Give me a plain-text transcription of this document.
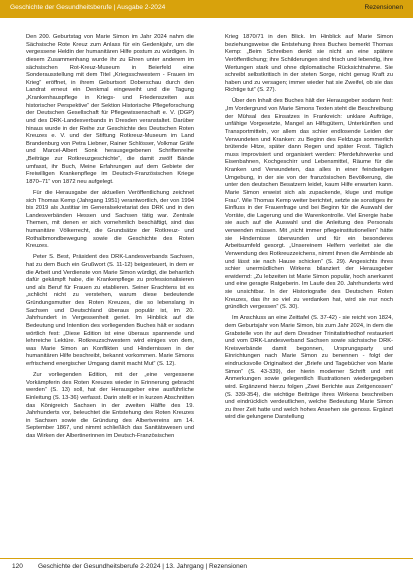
Geschichte der Gesundheitsberufe | Ausgabe 2-2024	Rezensionen

Den 200. Geburtstag von Marie Simon im Jahr 2024 nahm die Sächsische Rote Kreuz zum Anlass für ein Gedenkjahr, um die vergessene Heldin der humanitären Hilfe postum zu würdigen. In diesem Zusammenhang wurde ihr zu Ehren unter anderem im sächsischen Rot-Kreuz-Museum in Beierfeld eine Sonderausstellung mit dem Titel „Kriegsschwestern - Frauen im Krieg“ eröffnet, in ihrem Geburtsort Doberschau durch den Landrat erneut ein Denkmal eingeweiht und die Tagung „Krankenhauspflege in Kriegs- und Friedenszeiten aus historischer Perspektive“ der Sektion Historische Pflegeforschung der Deutschen Gesellschaft für Pflegewissenschaft e. V. (DGP) und des DRK-Landesverbands in Dresden veranstaltet. Darüber hinaus wurde in der Reihe zur Geschichte des Deutschen Roten Kreuzes e. V. und der Stiftung Rotkreuz-Museum im Land Brandenburg von Petra Liebner, Rainer Schlösser, Volkmar Gräfe und Marcel-Albert Sonk herausgegebenen Schriftenreihe „Beiträge zur Rotkreuzgeschichte“, die damit zwölf Bände umfasst, ihr Buch, Meine Erfahrungen auf dem Gebiete der Freiwilligen Krankenpflege im Deutsch-Französischen Kriege 1870–71“ von 1872 neu aufgelegt.

Für die Herausgabe der aktuellen Veröffentlichung zeichnet sich Thomas Kemp (Jahrgang 1951) verantwortlich, der von 1994 bis 2019 als Justitiar im Generalsekretariat des DRK und in den Landesverbänden Hessen und Sachsen tätig war. Zentrale Themen, mit denen er sich vornehmlich beschäftigt, sind das humanitäre Völkerrecht, die Grundsätze der Rotkreuz- und Rothalbmondbewegung sowie die Geschichte des Roten Kreuzes.

Peter S. Best, Präsident des DRK-Landesverbands Sachsen, hat zu dem Buch ein Grußwort (S. 11-12) beigesteuert, in dem er die Arbeit und Verdienste von Marie Simon würdigt, die beharrlich dafür gekämpft habe, die Krankenpflege zu professionalisieren und als Beruf für Frauen zu etablieren. Seiner Erachtens ist es „schlicht nicht zu verstehen, warum diese bedeutende Gründungsmutter des Roten Kreuzes, die so lebenslang in Sachsen und Deutschland überaus populär ist, im 20. Jahrhundert in Vergessenheit geriet. Im Hinblick auf die Bedeutung und Intention des vorliegenden Buches hält er sodann wörtlich fest: „Diese Edition ist eine überaus spannende und lehrreiche Lektüre. Rotkreuzschwestern wird einiges von dem, was Marie Simon an Konflikten und Hindernissen in der humanitären Hilfe beschreibt, bekannt vorkommen. Marie Simons erfrischend energischer Umgang damit macht Mut“ (S. 12).

Zur vorliegenden Edition, mit der „eine vergessene Vorkämpferin des Roten Kreuzes wieder in Erinnerung gebracht werden“ (S. 13) soll, hat der Herausgeber eine ausführliche Einleitung (S. 13-36) verfasst. Darin stellt er in kurzen Abschnitten das Königreich Sachsen in der zweiten Hälfte des 19. Jahrhunderts vor, beleuchtet die Entstehung des Roten Kreuzes in Sachsen sowie die Gründung des Albertvereins am 14. September 1867, und nimmt schließlich das Sanitätswesen und das Wirken der Albertinerinnen im Deutsch-Französischen

Krieg 1870/71 in den Blick. Im Hinblick auf Marie Simon beziehungsweise die Entstehung ihres Buches bemerkt Thomas Kemp: „Beim Schreiben denkt sie nicht an eine spätere Veröffentlichung; ihre Schilderungen sind frisch und lebendig, ihre Wertungen stark und ohne diplomatische Rücksichtnahme. Sie schreibt selbstkritisch in der steten Sorge, nicht genug Kraft zu haben und zu versagen; immer wieder hat sie Zweifel, ob sie das Richtige tut“ (S. 27).

Über den Inhalt des Buches hält der Herausgeber sodann fest: „Im Vordergrund von Marie Simons Texten steht die Beschreibung der Mühsal des Einsatzes in Frankreich: unklare Aufträge, unfähige Vorgesetzte, Mangel an Hilfsgütern, Unterkünften und Transportmitteln, vor allem das schier endlosende Leiden der Verwundeten und Kranken: zu Beginn des Feldzugs sommerlich brütende Hitze, später dann Regen und später Frost. Täglich muss improvisiert und organisiert werden: Pferdefuhrwerke und Eisenbahnen, Kochgeschirr und Lebensmittel, Räume für die Kranken und Verwundeten, das alles in einer feindseligen Umgebung, in der sie von der französischen Bevölkerung, die unter den deutschen Besatzern leidet, kaum Hilfe erwarten kann. Marie Simon erweist sich als zupackende, kluge und mutige Frau“. Wie Thomas Kemp weiter berichtet, setzte sie sonstiges ihr Einfluss in der Frauenfrage und bei Beginn für die Auswahl der Vorräte, die Lagerung und die Warenkontrolle. Viel Energie habe sie auch auf die Auswahl und die Anleitung des Personals verwenden müssen. Mit „nicht immer pflegeinstitutionellen“ hätte sie Hindernisse überwunden und für ein besonderes Arbeitsumfeld gesorgt. „Unsereinem Helfern verleitet sie die Verwendung des Rotkreuzzeichens, nimmt ihnen die Armbinde ab und lässt sie nach Hause schicken“ (S. 29). Angesichts ihres schier unermüdlichen Wirkens bilanziert der Herausgeber erwidernd: „Zu lebzeiten ist Marie Simon populär, hoch anerkannt und eine geragte Ratgeberin. Im Laufe des 20. Jahrhunderts wird sie unsichtbar. In der Historiografie des Deutschen Roten Kreuzes, das ihr so viel zu verdanken hat, wird sie nur noch gründlich vergessen“ (S. 30).

Im Anschluss an eine Zeittafel (S. 37-42) - sie reicht von 1824, dem Geburtsjahr von Marie Simon, bis zum Jahr 2024, in dem die Grabstelle von ihr auf dem Dresdner Trinitatisfriedhof restauriert und vom DRK-Landesverband Sachsen sowie sächsische DRK-Kreisverbände damit begonnen, Ursprungsparty und Einrichtungen nach Marie Simon zu benennen - folgt der eindrucksvolle Originaltext der „Briefe und Tagebücher von Marie Simon“ (S. 43-339), der hierin moderner Schrift und mit Anmerkungen sowie gelegentlich Illustrationen wiedergegeben wird. Ergänzend hierzu folgen „Zwei Berichte aus Zeitgenossen“ (S. 339-354), die wichtige Beiträge ihres Wirkens beschreiben und eindrücklich verdeutlichen, welche Bedeutung Marie Simon zu ihrer Zeit hatte und welch hohes Ansehen sie genoss. Ergänzt wird die gelungene Darstellung

120 Geschichte der Gesundheitsberufe 2-2024 | 13. Jahrgang | Rezensionen
